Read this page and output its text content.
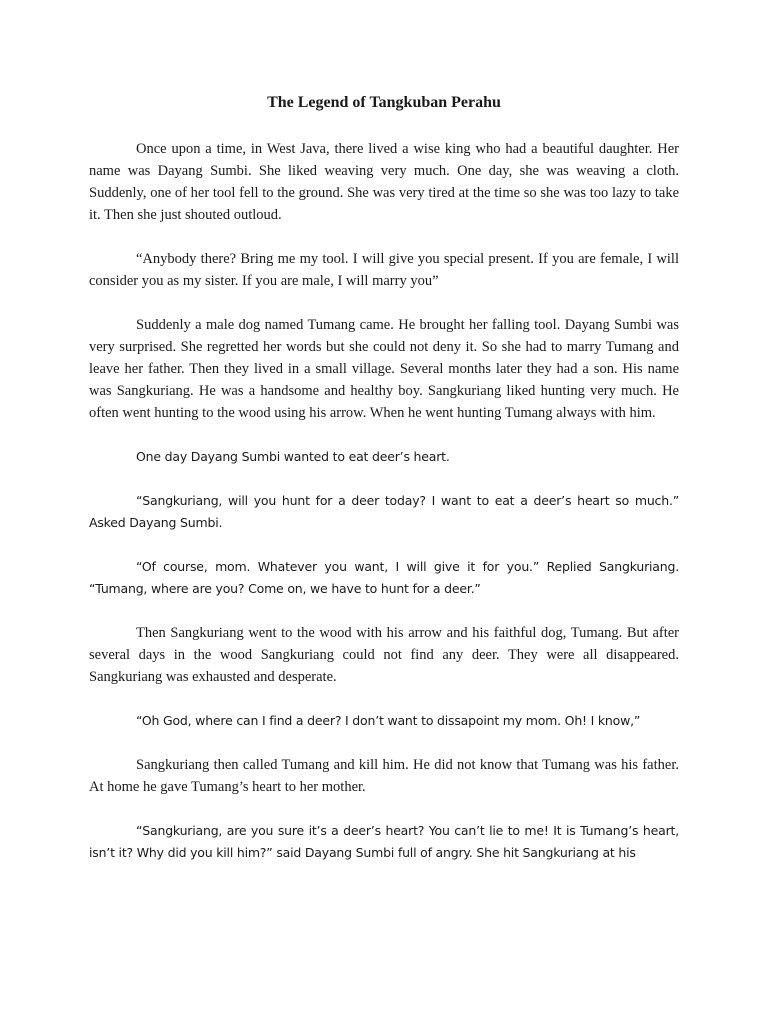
The Legend of Tangkuban Perahu

Once upon a time, in West Java, there lived a wise king who had a beautiful daughter. Her name was Dayang Sumbi. She liked weaving very much. One day, she was weaving a cloth. Suddenly, one of her tool fell to the ground. She was very tired at the time so she was too lazy to take it. Then she just shouted outloud.

“Anybody there? Bring me my tool. I will give you special present. If you are female, I will consider you as my sister. If you are male, I will marry you”

Suddenly a male dog named Tumang came. He brought her falling tool. Dayang Sumbi was very surprised. She regretted her words but she could not deny it. So she had to marry Tumang and leave her father. Then they lived in a small village. Several months later they had a son. His name was Sangkuriang. He was a handsome and healthy boy. Sangkuriang liked hunting very much. He often went hunting to the wood using his arrow. When he went hunting Tumang always with him.

One day Dayang Sumbi wanted to eat deer’s heart.

“Sangkuriang, will you hunt for a deer today? I want to eat a deer’s heart so much.” Asked Dayang Sumbi.

“Of course, mom. Whatever you want, I will give it for you.” Replied Sangkuriang. “Tumang, where are you? Come on, we have to hunt for a deer.”

Then Sangkuriang went to the wood with his arrow and his faithful dog, Tumang. But after several days in the wood Sangkuriang could not find any deer. They were all disappeared. Sangkuriang was exhausted and desperate.

“Oh God, where can I find a deer? I don’t want to dissapoint my mom. Oh! I know,”

Sangkuriang then called Tumang and kill him. He did not know that Tumang was his father. At home he gave Tumang’s heart to her mother.

“Sangkuriang, are you sure it’s a deer’s heart? You can’t lie to me! It is Tumang’s heart, isn’t it? Why did you kill him?” said Dayang Sumbi full of angry. She hit Sangkuriang at his
